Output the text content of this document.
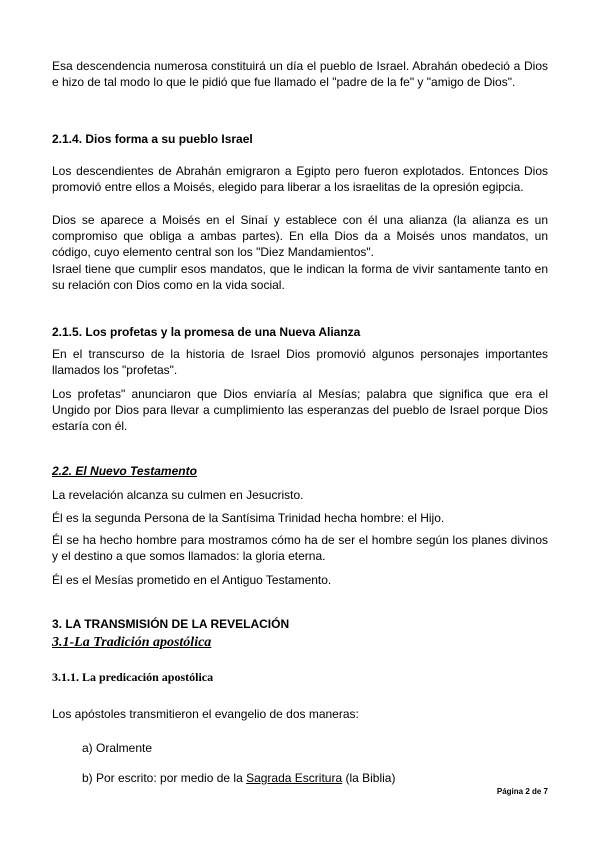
Esa descendencia numerosa constituirá un día el pueblo de Israel. Abrahán obedeció a Dios e hizo de tal modo lo que le pidió que fue llamado el "padre de la fe" y "amigo de Dios".

2.1.4. Dios forma a su pueblo Israel

Los descendientes de Abrahán emigraron a Egipto pero fueron explotados. Entonces Dios promovió entre ellos a Moisés, elegido para liberar a los israelitas de la opresión egipcia.

Dios se aparece a Moisés en el Sinaí y establece con él una alianza (la alianza es un compromiso que obliga a ambas partes). En ella Dios da a Moisés unos mandatos, un código, cuyo elemento central son los "Diez Mandamientos".

Israel tiene que cumplir esos mandatos, que le indican la forma de vivir santamente tanto en su relación con Dios como en la vida social.

2.1.5. Los profetas y la promesa de una Nueva Alianza

En el transcurso de la historia de Israel Dios promovió algunos personajes importantes llamados los "profetas".

Los profetas" anunciaron que Dios enviaría al Mesías; palabra que significa que era el Ungido por Dios para llevar a cumplimiento las esperanzas del pueblo de Israel porque Dios estaría con él.

2.2. El Nuevo Testamento

La revelación alcanza su culmen en Jesucristo.

Él es la segunda Persona de la Santísima Trinidad hecha hombre: el Hijo.

Él se ha hecho hombre para mostramos cómo ha de ser el hombre según los planes divinos y el destino a que somos llamados: la gloria eterna.

Él es el Mesías prometido en el Antiguo Testamento.

3. LA TRANSMISIÓN DE LA REVELACIÓN

3.1-La Tradición apostólica

3.1.1. La predicación apostólica

Los apóstoles transmitieron el evangelio de dos maneras:

a) Oralmente

b) Por escrito: por medio de la Sagrada Escritura (la Biblia)

Página 2 de 7
